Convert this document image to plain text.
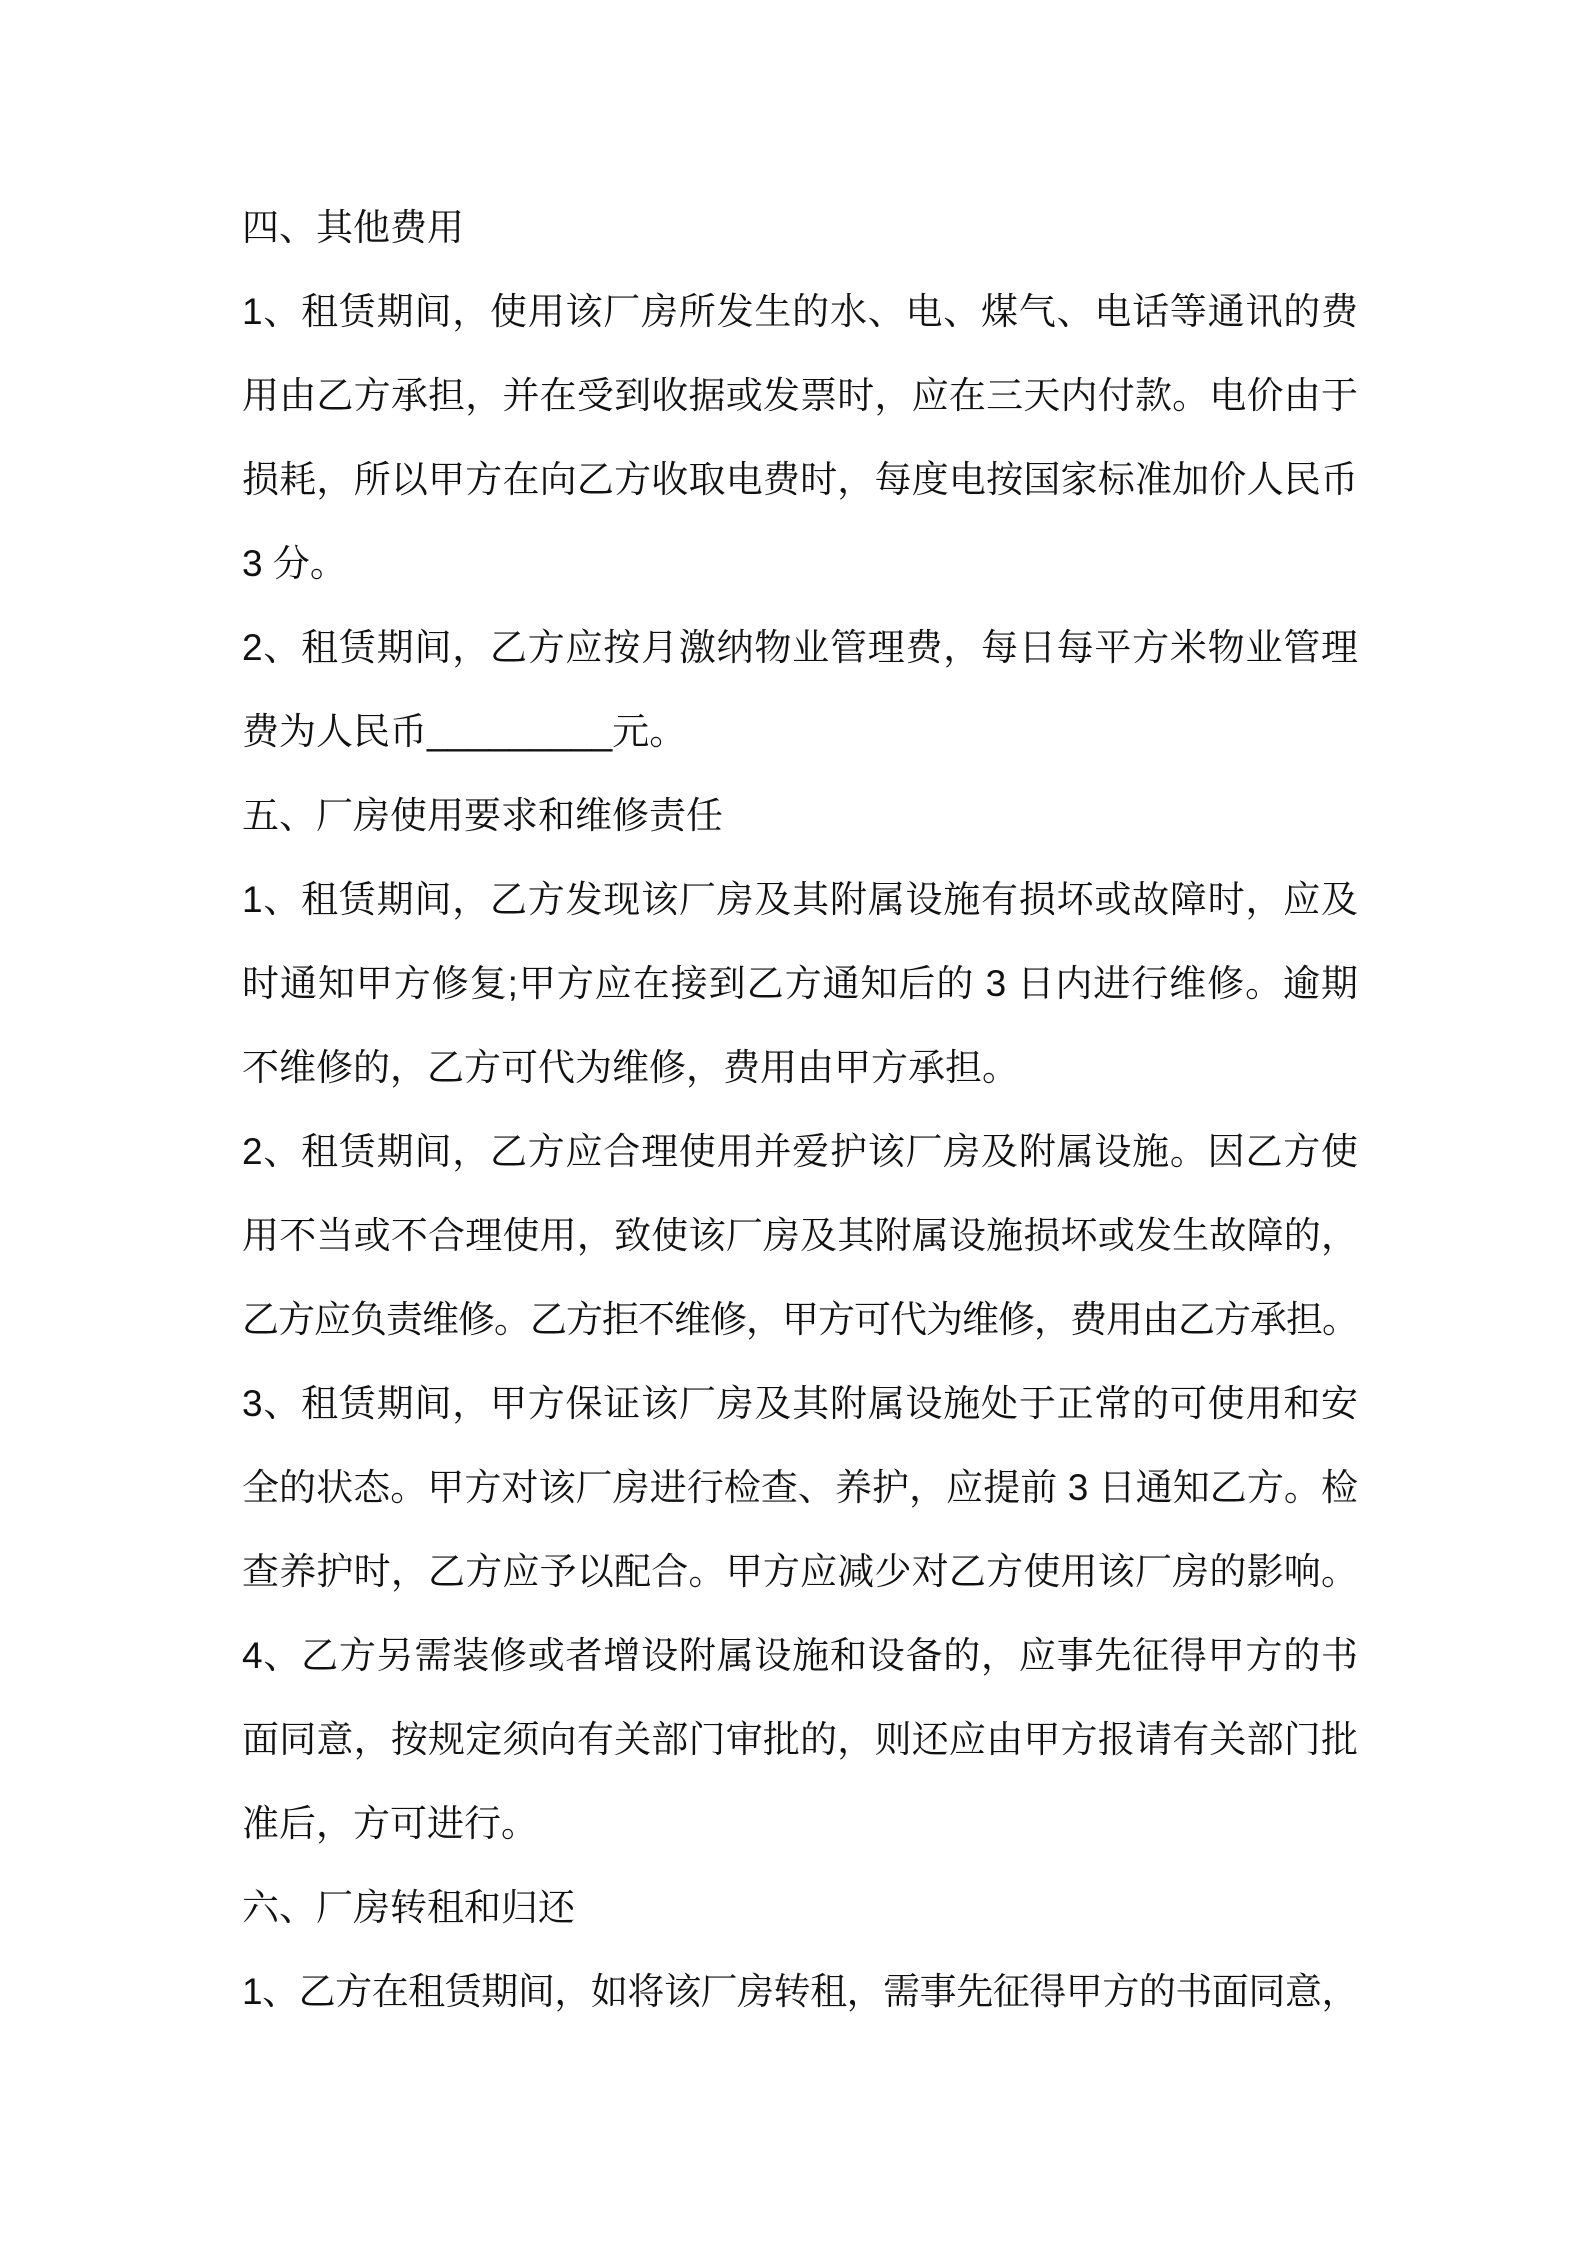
四、其他费用
1、租赁期间，使用该厂房所发生的水、电、煤气、电话等通讯的费
用由乙方承担，并在受到收据或发票时，应在三天内付款。电价由于
损耗，所以甲方在向乙方收取电费时，每度电按国家标准加价人民币
3 分。
2、租赁期间，乙方应按月激纳物业管理费，每日每平方米物业管理
费为人民币_________元。
五、厂房使用要求和维修责任
1、租赁期间，乙方发现该厂房及其附属设施有损坏或故障时，应及
时通知甲方修复;甲方应在接到乙方通知后的 3 日内进行维修。逾期
不维修的，乙方可代为维修，费用由甲方承担。
2、租赁期间，乙方应合理使用并爱护该厂房及附属设施。因乙方使
用不当或不合理使用，致使该厂房及其附属设施损坏或发生故障的，
乙方应负责维修。乙方拒不维修，甲方可代为维修，费用由乙方承担。
3、租赁期间，甲方保证该厂房及其附属设施处于正常的可使用和安
全的状态。甲方对该厂房进行检查、养护，应提前 3 日通知乙方。检
查养护时，乙方应予以配合。甲方应减少对乙方使用该厂房的影响。
4、乙方另需装修或者增设附属设施和设备的，应事先征得甲方的书
面同意，按规定须向有关部门审批的，则还应由甲方报请有关部门批
准后，方可进行。
六、厂房转租和归还
1、乙方在租赁期间，如将该厂房转租，需事先征得甲方的书面同意，
